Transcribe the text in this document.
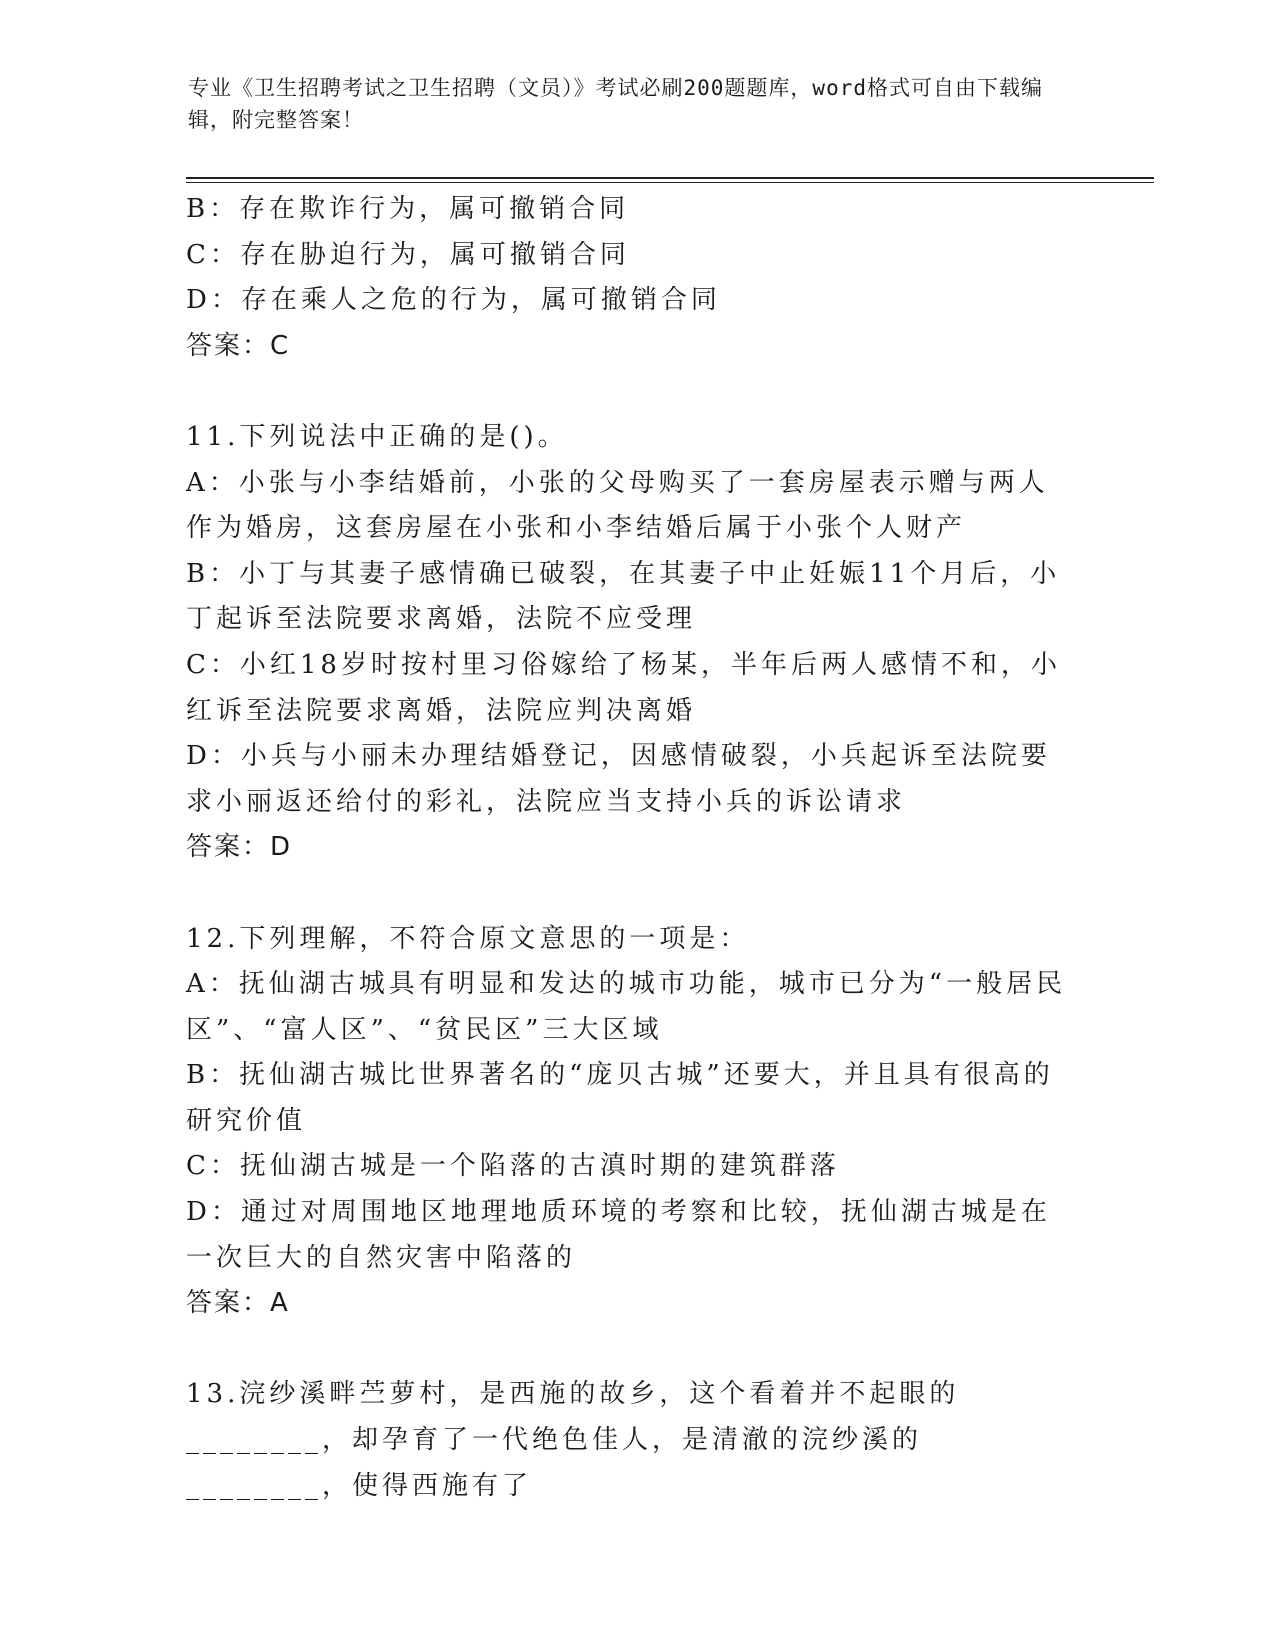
专业《卫生招聘考试之卫生招聘（文员）》考试必刷200题题库，word格式可自由下载编辑，附完整答案！
B：存在欺诈行为，属可撤销合同
C：存在胁迫行为，属可撤销合同
D：存在乘人之危的行为，属可撤销合同
答案：C
11.下列说法中正确的是()。
A：小张与小李结婚前，小张的父母购买了一套房屋表示赠与两人作为婚房，这套房屋在小张和小李结婚后属于小张个人财产
B：小丁与其妻子感情确已破裂，在其妻子中止妊娠11个月后，小丁起诉至法院要求离婚，法院不应受理
C：小红18岁时按村里习俗嫁给了杨某，半年后两人感情不和，小红诉至法院要求离婚，法院应判决离婚
D：小兵与小丽未办理结婚登记，因感情破裂，小兵起诉至法院要求小丽返还给付的彩礼，法院应当支持小兵的诉讼请求
答案：D
12.下列理解，不符合原文意思的一项是：
A：抚仙湖古城具有明显和发达的城市功能，城市已分为“一般居民区”、“富人区”、“贫民区”三大区域
B：抚仙湖古城比世界著名的“庞贝古城”还要大，并且具有很高的研究价值
C：抚仙湖古城是一个陷落的古滇时期的建筑群落
D：通过对周围地区地理地质环境的考察和比较，抚仙湖古城是在一次巨大的自然灾害中陷落的
答案：A
13.浣纱溪畔苎萝村，是西施的故乡，这个看着并不起眼的________，却孕育了一代绝色佳人，是清澈的浣纱溪的________，使得西施有了
